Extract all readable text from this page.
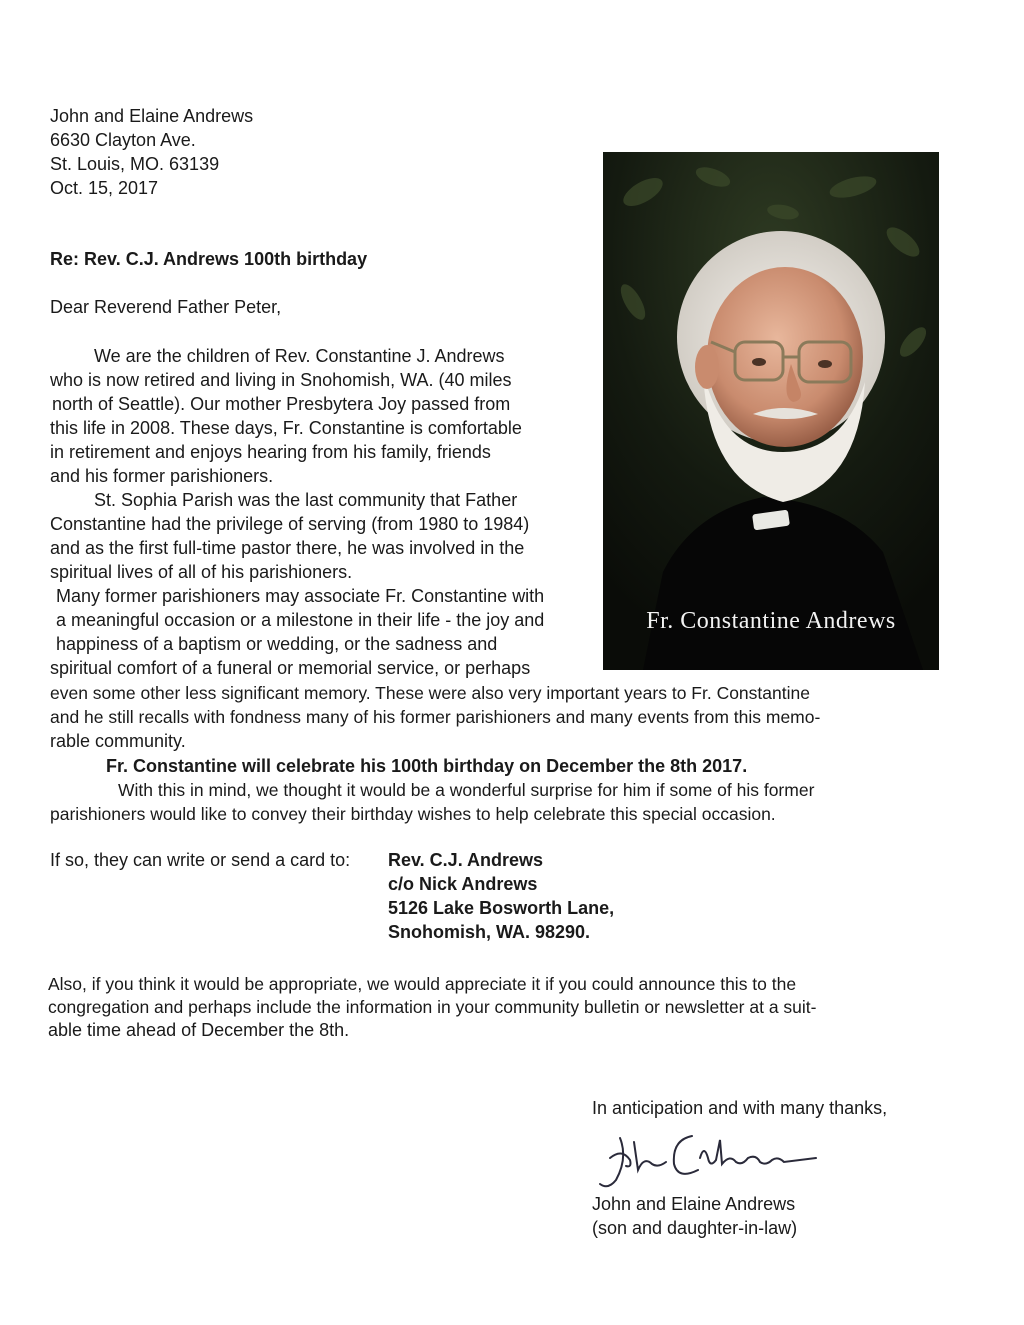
John and Elaine Andrews
6630 Clayton Ave.
St. Louis, MO. 63139
Oct. 15, 2017
Re: Rev. C.J. Andrews 100th birthday
Dear Reverend Father Peter,
We are the children of Rev. Constantine J. Andrews
who is now retired and living in Snohomish, WA. (40 miles
north of Seattle). Our mother Presbytera Joy passed from
this life in 2008. These days, Fr. Constantine is comfortable
in retirement and enjoys hearing from his family, friends
and his former parishioners.
St. Sophia Parish was the last community that Father
Constantine had the privilege of serving (from 1980 to 1984)
and as the first full-time pastor there, he was involved in the
spiritual lives of all of his parishioners.
Many former parishioners may associate Fr. Constantine with
a meaningful occasion or a milestone in their life - the joy and
happiness of a baptism or wedding, or the sadness and
spiritual comfort of a funeral or memorial service, or perhaps
even some other less significant memory. These were also very important years to Fr. Constantine
and he still recalls with fondness many of his former parishioners and many events from this memo-
rable community.
Fr. Constantine will celebrate his 100th birthday on December the 8th 2017.
With this in mind, we thought it would be a wonderful surprise for him if some of his former
parishioners would like to convey their birthday wishes to help celebrate this special occasion.
If so, they can write or send a card to: Rev. C.J. Andrews
c/o Nick Andrews
5126 Lake Bosworth Lane,
Snohomish, WA. 98290.
Also, if you think it would be appropriate, we would appreciate it if you could announce this to the
congregation and perhaps include the information in your community bulletin or newsletter at a suit-
able time ahead of December the 8th.
Fr. Constantine Andrews
In anticipation and with many thanks,
John and Elaine Andrews
(son and daughter-in-law)
